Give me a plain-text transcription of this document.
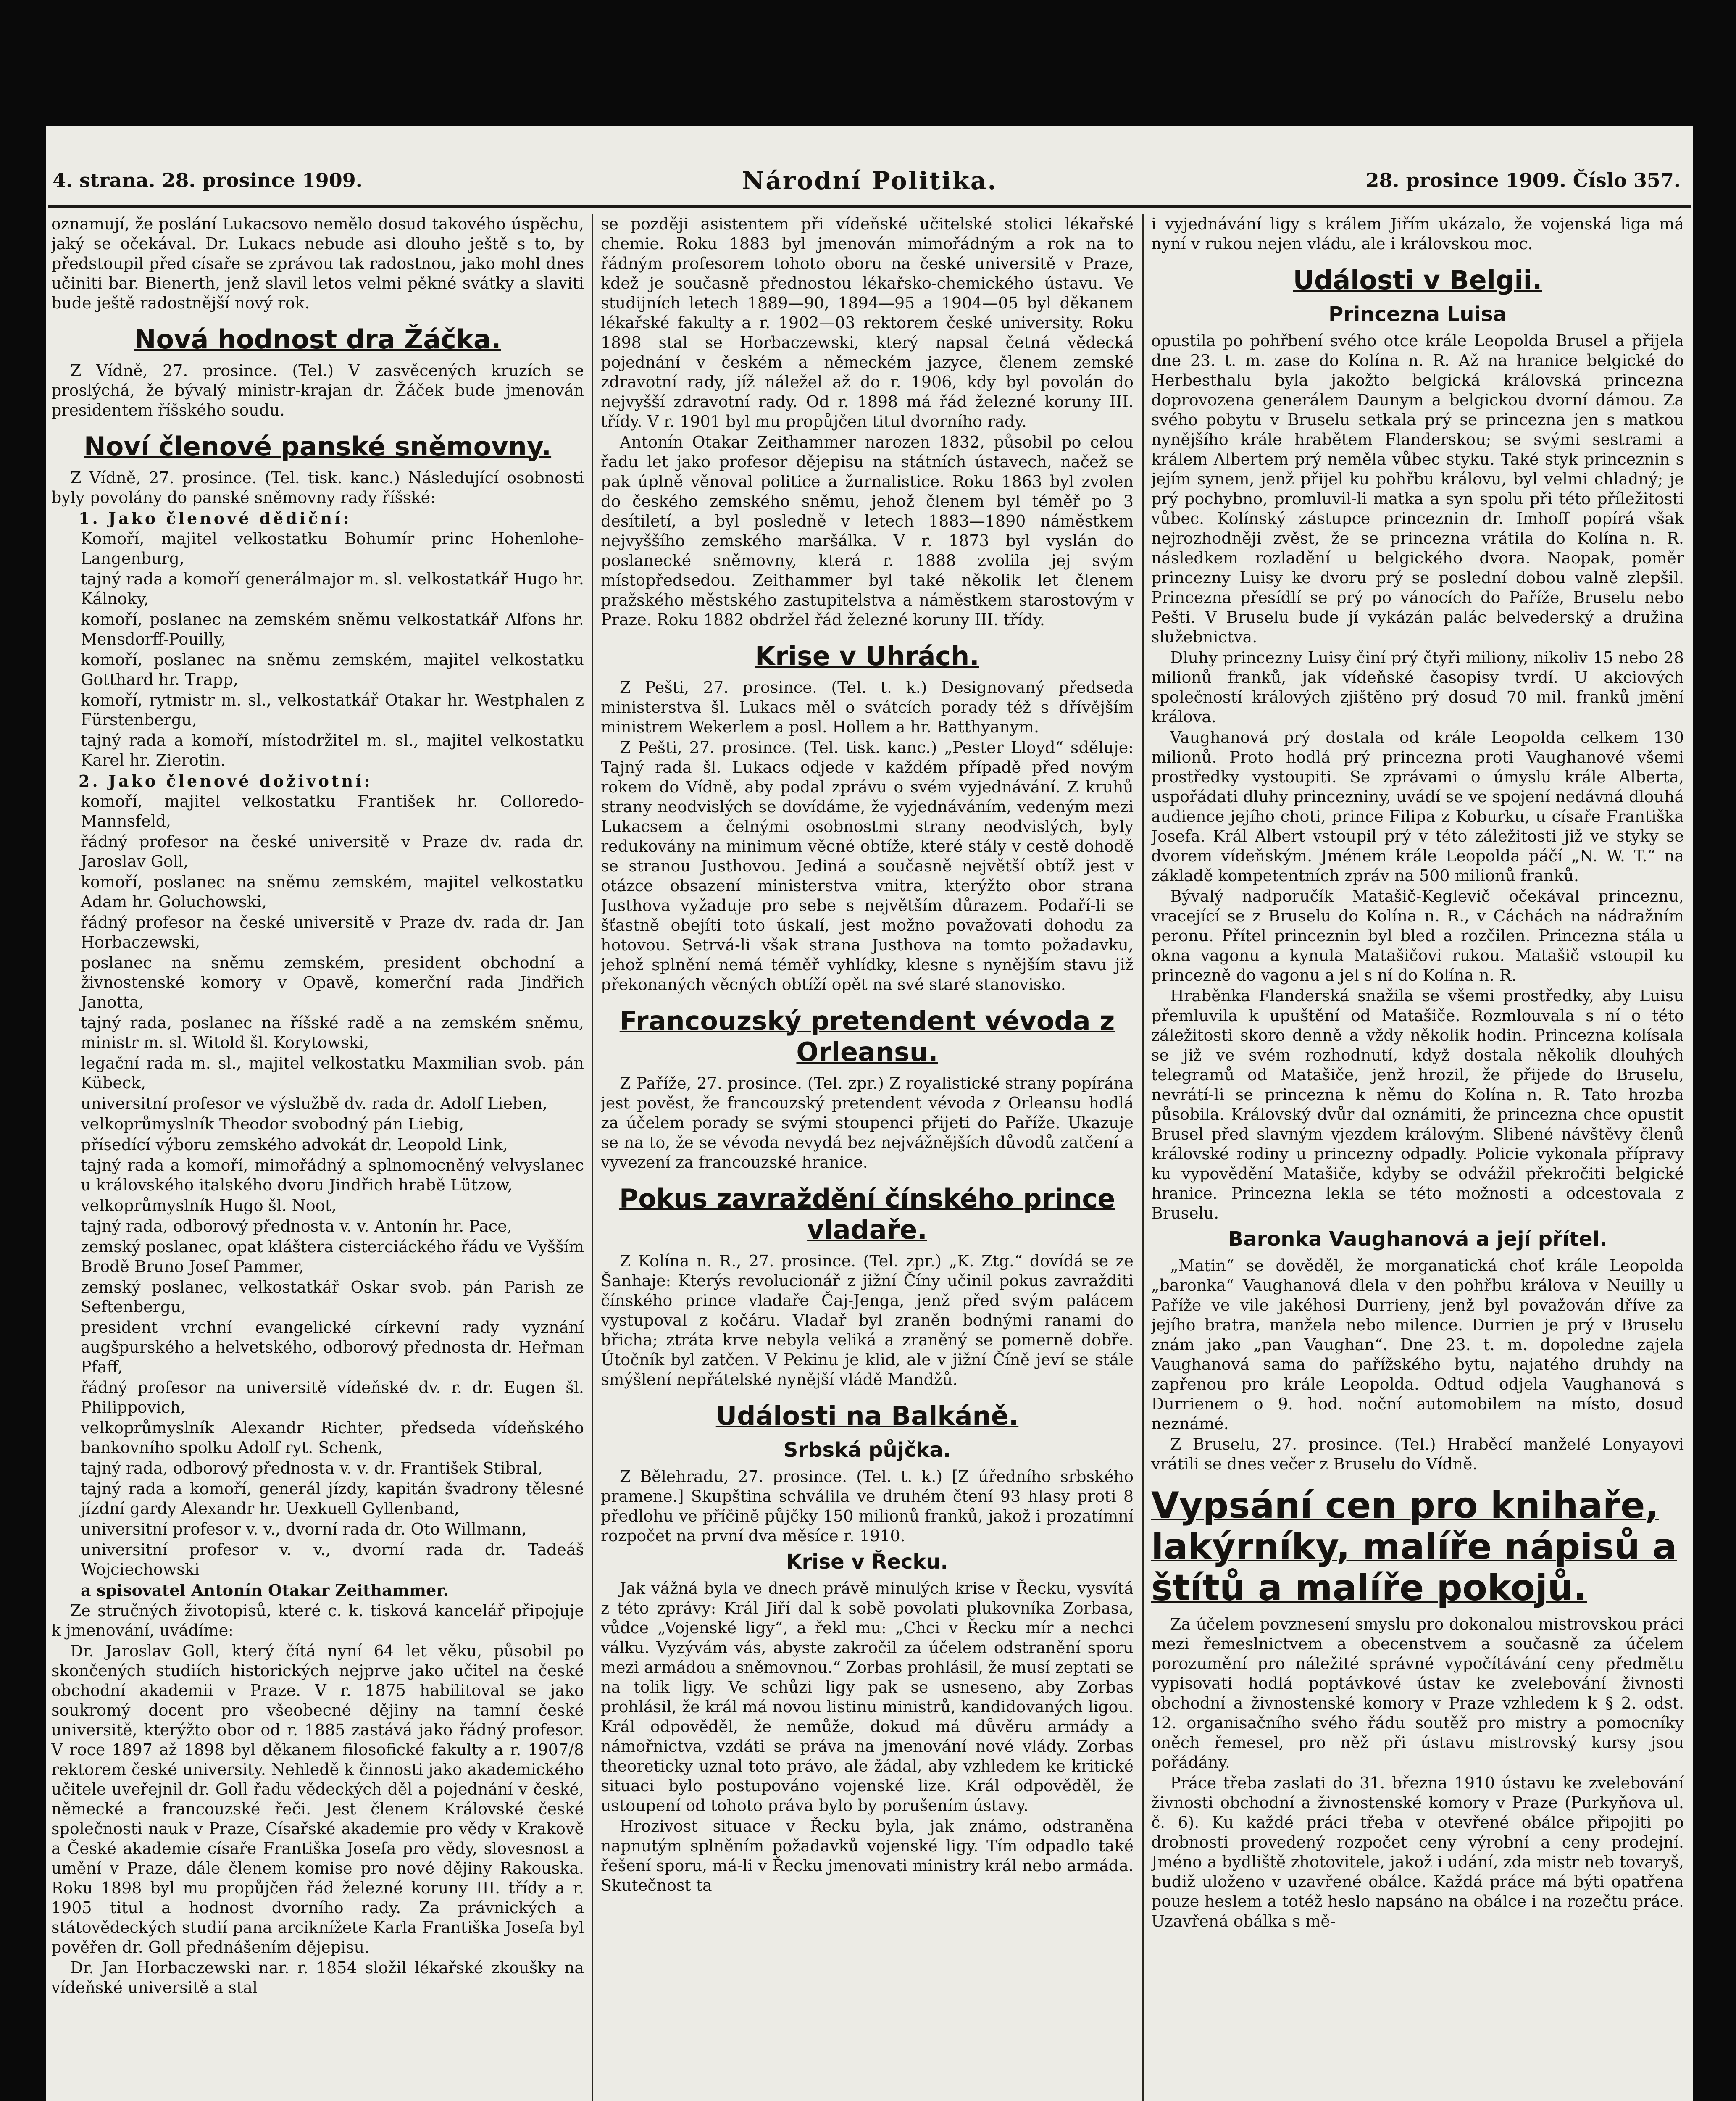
4. strana. 28. prosince 1909.	Národní Politika.	28. prosince 1909. Číslo 357.

oznamují, že poslání Lukacsovo nemělo dosud takového úspěchu, jaký se očekával. Dr. Lukacs nebude asi dlouho ještě s to, by předstoupil před císaře se zprávou tak radostnou, jako mohl dnes učiniti bar. Bienerth, jenž slavil letos velmi pěkné svátky a slaviti bude ještě radostnější nový rok.

Nová hodnost dra Žáčka.

Z Vídně, 27. prosince. (Tel.) V zasvěcených kruzích se proslýchá, že bývalý ministr-krajan dr. Žáček bude jmenován presidentem říšského soudu.

Noví členové panské sněmovny.

Z Vídně, 27. prosince. (Tel. tisk. kanc.) Následující osobnosti byly povolány do panské sněmovny rady říšské:

1. Jako členové dědiční:

Komoří, majitel velkostatku Bohumír princ Hohenlohe-Langenburg,

tajný rada a komoří generálmajor m. sl. velkostatkář Hugo hr. Kálnoky,

komoří, poslanec na zemském sněmu velkostatkář Alfons hr. Mensdorff-Pouilly,

komoří, poslanec na sněmu zemském, majitel velkostatku Gotthard hr. Trapp,

komoří, rytmistr m. sl., velkostatkář Otakar hr. Westphalen z Fürstenbergu,

tajný rada a komoří, místodržitel m. sl., majitel velkostatku Karel hr. Zierotin.

2. Jako členové doživotní:

komoří, majitel velkostatku František hr. Colloredo-Mannsfeld,

řádný profesor na české universitě v Praze dv. rada dr. Jaroslav Goll,

komoří, poslanec na sněmu zemském, majitel velkostatku Adam hr. Goluchowski,

řádný profesor na české universitě v Praze dv. rada dr. Jan Horbaczewski,

poslanec na sněmu zemském, president obchodní a živnostenské komory v Opavě, komerční rada Jindřich Janotta,

tajný rada, poslanec na říšské radě a na zemském sněmu, ministr m. sl. Witold šl. Korytowski,

legační rada m. sl., majitel velkostatku Maxmilian svob. pán Kübeck,

universitní profesor ve výslužbě dv. rada dr. Adolf Lieben,

velkoprůmyslník Theodor svobodný pán Liebig,

přísedící výboru zemského advokát dr. Leopold Link,

tajný rada a komoří, mimořádný a splnomocněný velvyslanec u královského italského dvoru Jindřich hrabě Lützow,

velkoprůmyslník Hugo šl. Noot,

tajný rada, odborový přednosta v. v. Antonín hr. Pace,

zemský poslanec, opat kláštera cisterciáckého řádu ve Vyšším Brodě Bruno Josef Pammer,

zemský poslanec, velkostatkář Oskar svob. pán Parish ze Seftenbergu,

president vrchní evangelické církevní rady vyznání augšpurského a helvetského, odborový přednosta dr. Heřman Pfaff,

řádný profesor na universitě vídeňské dv. r. dr. Eugen šl. Philippovich,

velkoprůmyslník Alexandr Richter, předseda vídeňského bankovního spolku Adolf ryt. Schenk,

tajný rada, odborový přednosta v. v. dr. František Stibral,

tajný rada a komoří, generál jízdy, kapitán švadrony tělesné jízdní gardy Alexandr hr. Uexkuell Gyllenband,

universitní profesor v. v., dvorní rada dr. Oto Willmann,

universitní profesor v. v., dvorní rada dr. Tadeáš Wojciechowski

a spisovatel Antonín Otakar Zeithammer.

Ze stručných životopisů, které c. k. tisková kancelář připojuje k jmenování, uvádíme:

Dr. Jaroslav Goll, který čítá nyní 64 let věku, působil po skončených studiích historických nejprve jako učitel na české obchodní akademii v Praze. V r. 1875 habilitoval se jako soukromý docent pro všeobecné dějiny na tamní české universitě, kterýžto obor od r. 1885 zastává jako řádný profesor. V roce 1897 až 1898 byl děkanem filosofické fakulty a r. 1907/8 rektorem české university. Nehledě k činnosti jako akademického učitele uveřejnil dr. Goll řadu vědeckých děl a pojednání v české, německé a francouzské řeči. Jest členem Královské české společnosti nauk v Praze, Císařské akademie pro vědy v Krakově a České akademie císaře Františka Josefa pro vědy, slovesnost a umění v Praze, dále členem komise pro nové dějiny Rakouska. Roku 1898 byl mu propůjčen řád železné koruny III. třídy a r. 1905 titul a hodnost dvorního rady. Za právnických a státovědeckých studií pana arciknížete Karla Františka Josefa byl pověřen dr. Goll přednášením dějepisu.

Dr. Jan Horbaczewski nar. r. 1854 složil lékařské zkoušky na vídeňské universitě a stal

se později asistentem při vídeňské učitelské stolici lékařské chemie. Roku 1883 byl jmenován mimořádným a rok na to řádným profesorem tohoto oboru na české universitě v Praze, kdež je současně přednostou lékařsko-chemického ústavu. Ve studijních letech 1889—90, 1894—95 a 1904—05 byl děkanem lékařské fakulty a r. 1902—03 rektorem české university. Roku 1898 stal se Horbaczewski, který napsal četná vědecká pojednání v českém a německém jazyce, členem zemské zdravotní rady, jíž náležel až do r. 1906, kdy byl povolán do nejvyšší zdravotní rady. Od r. 1898 má řád železné koruny III. třídy. V r. 1901 byl mu propůjčen titul dvorního rady.

Antonín Otakar Zeithammer narozen 1832, působil po celou řadu let jako profesor dějepisu na státních ústavech, načež se pak úplně věnoval politice a žurnalistice. Roku 1863 byl zvolen do českého zemského sněmu, jehož členem byl téměř po 3 desítiletí, a byl posledně v letech 1883—1890 náměstkem nejvyššího zemského maršálka. V r. 1873 byl vyslán do poslanecké sněmovny, která r. 1888 zvolila jej svým místopředsedou. Zeithammer byl také několik let členem pražského městského zastupitelstva a náměstkem starostovým v Praze. Roku 1882 obdržel řád železné koruny III. třídy.

Krise v Uhrách.

Z Pešti, 27. prosince. (Tel. t. k.) Designovaný předseda ministerstva šl. Lukacs měl o svátcích porady též s dřívějším ministrem Wekerlem a posl. Hollem a hr. Batthyanym.

Z Pešti, 27. prosince. (Tel. tisk. kanc.) „Pester Lloyd“ sděluje: Tajný rada šl. Lukacs odjede v každém případě před novým rokem do Vídně, aby podal zprávu o svém vyjednávání. Z kruhů strany neodvislých se dovídáme, že vyjednáváním, vedeným mezi Lukacsem a čelnými osobnostmi strany neodvislých, byly redukovány na minimum věcné obtíže, které stály v cestě dohodě se stranou Justhovou. Jediná a současně největší obtíž jest v otázce obsazení ministerstva vnitra, kterýžto obor strana Justhova vyžaduje pro sebe s největším důrazem. Podaří-li se šťastně obejíti toto úskalí, jest možno považovati dohodu za hotovou. Setrvá-li však strana Justhova na tomto požadavku, jehož splnění nemá téměř vyhlídky, klesne s nynějším stavu již překonaných věcných obtíží opět na své staré stanovisko.

Francouzský pretendent vévoda z Orleansu.

Z Paříže, 27. prosince. (Tel. zpr.) Z royalistické strany popírána jest pověst, že francouzský pretendent vévoda z Orleansu hodlá za účelem porady se svými stoupenci přijeti do Paříže. Ukazuje se na to, že se vévoda nevydá bez nejvážnějších důvodů zatčení a vyvezení za francouzské hranice.

Pokus zavraždění čínského prince vladaře.

Z Kolína n. R., 27. prosince. (Tel. zpr.) „K. Ztg.“ dovídá se ze Šanhaje: Kterýs revolucionář z jižní Číny učinil pokus zavražditi čínského prince vladaře Čaj-Jenga, jenž před svým palácem vystupoval z kočáru. Vladař byl zraněn bodnými ranami do břicha; ztráta krve nebyla veliká a zraněný se pomerně dobře. Útočník byl zatčen. V Pekinu je klid, ale v jižní Číně jeví se stále smýšlení nepřátelské nynější vládě Mandžů.

Události na Balkáně.
Srbská půjčka.

Z Bělehradu, 27. prosince. (Tel. t. k.) [Z úředního srbského pramene.] Skupština schválila ve druhém čtení 93 hlasy proti 8 předlohu ve příčině půjčky 150 milionů franků, jakož i prozatímní rozpočet na první dva měsíce r. 1910.

Krise v Řecku.

Jak vážná byla ve dnech právě minulých krise v Řecku, vysvítá z této zprávy: Král Jiří dal k sobě povolati plukovníka Zorbasa, vůdce „Vojenské ligy“, a řekl mu: „Chci v Řecku mír a nechci válku. Vyzývám vás, abyste zakročil za účelem odstranění sporu mezi armádou a sněmovnou.“ Zorbas prohlásil, že musí zeptati se na tolik ligy. Ve schůzi ligy pak se usneseno, aby Zorbas prohlásil, že král má novou listinu ministrů, kandidovaných ligou. Král odpověděl, že nemůže, dokud má důvěru armády a námořnictva, vzdáti se práva na jmenování nové vlády. Zorbas theoreticky uznal toto právo, ale žádal, aby vzhledem ke kritické situaci bylo postupováno vojenské lize. Král odpověděl, že ustoupení od tohoto práva bylo by porušením ústavy.

Hrozivost situace v Řecku byla, jak známo, odstraněna napnutým splněním požadavků vojenské ligy. Tím odpadlo také řešení sporu, má-li v Řecku jmenovati ministry král nebo armáda. Skutečnost ta

i vyjednávání ligy s králem Jiřím ukázalo, že vojenská liga má nyní v rukou nejen vládu, ale i královskou moc.

Události v Belgii.
Princezna Luisa

opustila po pohřbení svého otce krále Leopolda Brusel a přijela dne 23. t. m. zase do Kolína n. R. Až na hranice belgické do Herbesthalu byla jakožto belgická královská princezna doprovozena generálem Daunym a belgickou dvorní dámou. Za svého pobytu v Bruselu setkala prý se princezna jen s matkou nynějšího krále hrabětem Flanderskou; se svými sestrami a králem Albertem prý neměla vůbec styku. Také styk princeznin s jejím synem, jenž přijel ku pohřbu královu, byl velmi chladný; je prý pochybno, promluvil-li matka a syn spolu při této příležitosti vůbec. Kolínský zástupce princeznin dr. Imhoff popírá však nejrozhodněji zvěst, že se princezna vrátila do Kolína n. R. následkem rozladění u belgického dvora. Naopak, poměr princezny Luisy ke dvoru prý se poslední dobou valně zlepšil. Princezna přesídlí se prý po vánocích do Paříže, Bruselu nebo Pešti. V Bruselu bude jí vykázán palác belvederský a družina služebnictva.

Dluhy princezny Luisy činí prý čtyři miliony, nikoliv 15 nebo 28 milionů franků, jak vídeňské časopisy tvrdí. U akciových společností králových zjištěno prý dosud 70 mil. franků jmění králova.

Vaughanová prý dostala od krále Leopolda celkem 130 milionů. Proto hodlá prý princezna proti Vaughanové všemi prostředky vystoupiti. Se zprávami o úmyslu krále Alberta, uspořádati dluhy princezniny, uvádí se ve spojení nedávná dlouhá audience jejího choti, prince Filipa z Koburku, u císaře Františka Josefa. Král Albert vstoupil prý v této záležitosti již ve styky se dvorem vídeňským. Jménem krále Leopolda páčí „N. W. T.“ na základě kompetentních zpráv na 500 milionů franků.

Bývalý nadporučík Matašič-Keglevič očekával princeznu, vracející se z Bruselu do Kolína n. R., v Cáchách na nádražním peronu. Přítel princeznin byl bled a rozčilen. Princezna stála u okna vagonu a kynula Matašičovi rukou. Matašič vstoupil ku princezně do vagonu a jel s ní do Kolína n. R.

Hraběnka Flanderská snažila se všemi prostředky, aby Luisu přemluvila k upuštění od Matašiče. Rozmlouvala s ní o této záležitosti skoro denně a vždy několik hodin. Princezna kolísala se již ve svém rozhodnutí, když dostala několik dlouhých telegramů od Matašiče, jenž hrozil, že přijede do Bruselu, nevrátí-li se princezna k němu do Kolína n. R. Tato hrozba působila. Královský dvůr dal oznámiti, že princezna chce opustit Brusel před slavným vjezdem královým. Slibené návštěvy členů královské rodiny u princezny odpadly. Policie vykonala přípravy ku vypovědění Matašiče, kdyby se odvážil překročiti belgické hranice. Princezna lekla se této možnosti a odcestovala z Bruselu.

Baronka Vaughanová a její přítel.

„Matin“ se dověděl, že morganatická choť krále Leopolda „baronka“ Vaughanová dlela v den pohřbu králova v Neuilly u Paříže ve vile jakéhosi Durrieny, jenž byl považován dříve za jejího bratra, manžela nebo milence. Durrien je prý v Bruselu znám jako „pan Vaughan“. Dne 23. t. m. dopoledne zajela Vaughanová sama do pařížského bytu, najatého druhdy na zapřenou pro krále Leopolda. Odtud odjela Vaughanová s Durrienem o 9. hod. noční automobilem na místo, dosud neznámé.

Z Bruselu, 27. prosince. (Tel.) Hraběcí manželé Lonyayovi vrátili se dnes večer z Bruselu do Vídně.

Vypsání cen pro knihaře, lakýrníky, malíře nápisů a štítů a malíře pokojů.

Za účelem povznesení smyslu pro dokonalou mistrovskou práci mezi řemeslnictvem a obecenstvem a současně za účelem porozumění pro náležité správné vypočítávání ceny předmětu vypisovati hodlá poptávkové ústav ke zvelebování živnosti obchodní a živnostenské komory v Praze vzhledem k § 2. odst. 12. organisačního svého řádu soutěž pro mistry a pomocníky oněch řemesel, pro něž při ústavu mistrovský kursy jsou pořádány.

Práce třeba zaslati do 31. března 1910 ústavu ke zvelebování živnosti obchodní a živnostenské komory v Praze (Purkyňova ul. č. 6). Ku každé práci třeba v otevřené obálce připojiti po drobnosti provedený rozpočet ceny výrobní a ceny prodejní. Jméno a bydliště zhotovitele, jakož i udání, zda mistr neb tovaryš, budiž uloženo v uzavřené obálce. Každá práce má býti opatřena pouze heslem a totéž heslo napsáno na obálce i na rozečtu práce. Uzavřená obálka s mě-
